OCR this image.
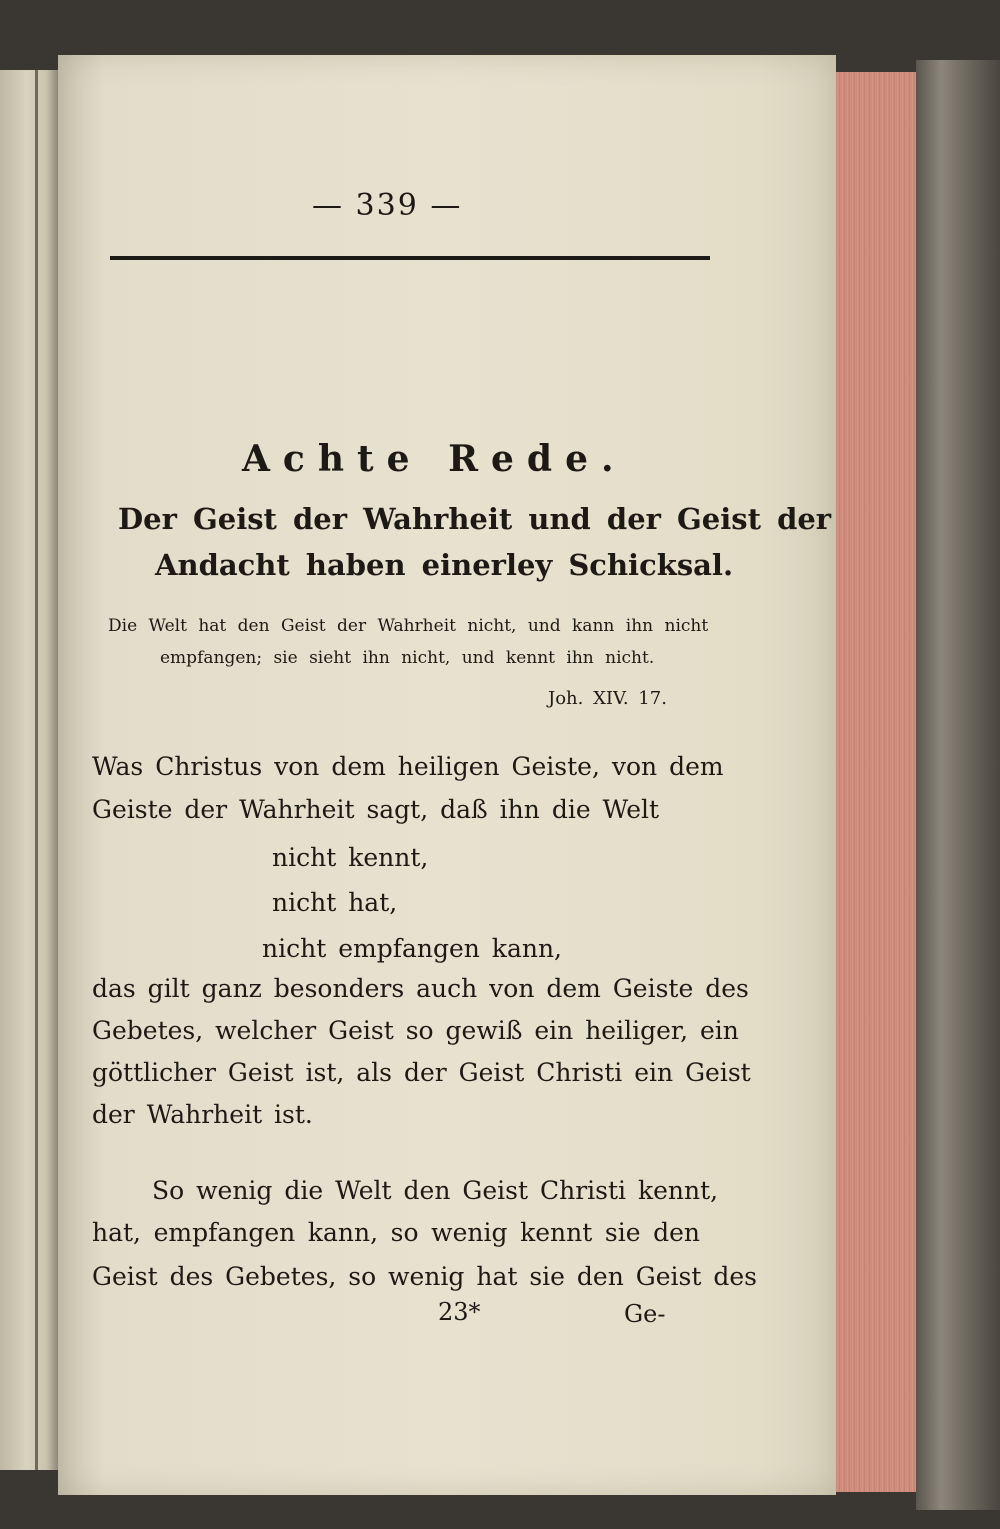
— 339 —
Achte Rede.
Der Geist der Wahrheit und der Geist der
Andacht haben einerley Schicksal.
Die Welt hat den Geist der Wahrheit nicht, und kann ihn nicht
empfangen; sie sieht ihn nicht, und kennt ihn nicht.
Joh. XIV. 17.
Was Christus von dem heiligen Geiste, von dem
Geiste der Wahrheit sagt, daß ihn die Welt
nicht kennt,
nicht hat,
nicht empfangen kann,
das gilt ganz besonders auch von dem Geiste des
Gebetes, welcher Geist so gewiß ein heiliger, ein
göttlicher Geist ist, als der Geist Christi ein Geist
der Wahrheit ist.
So wenig die Welt den Geist Christi kennt,
hat, empfangen kann, so wenig kennt sie den
Geist des Gebetes, so wenig hat sie den Geist des
23*	Ge-
